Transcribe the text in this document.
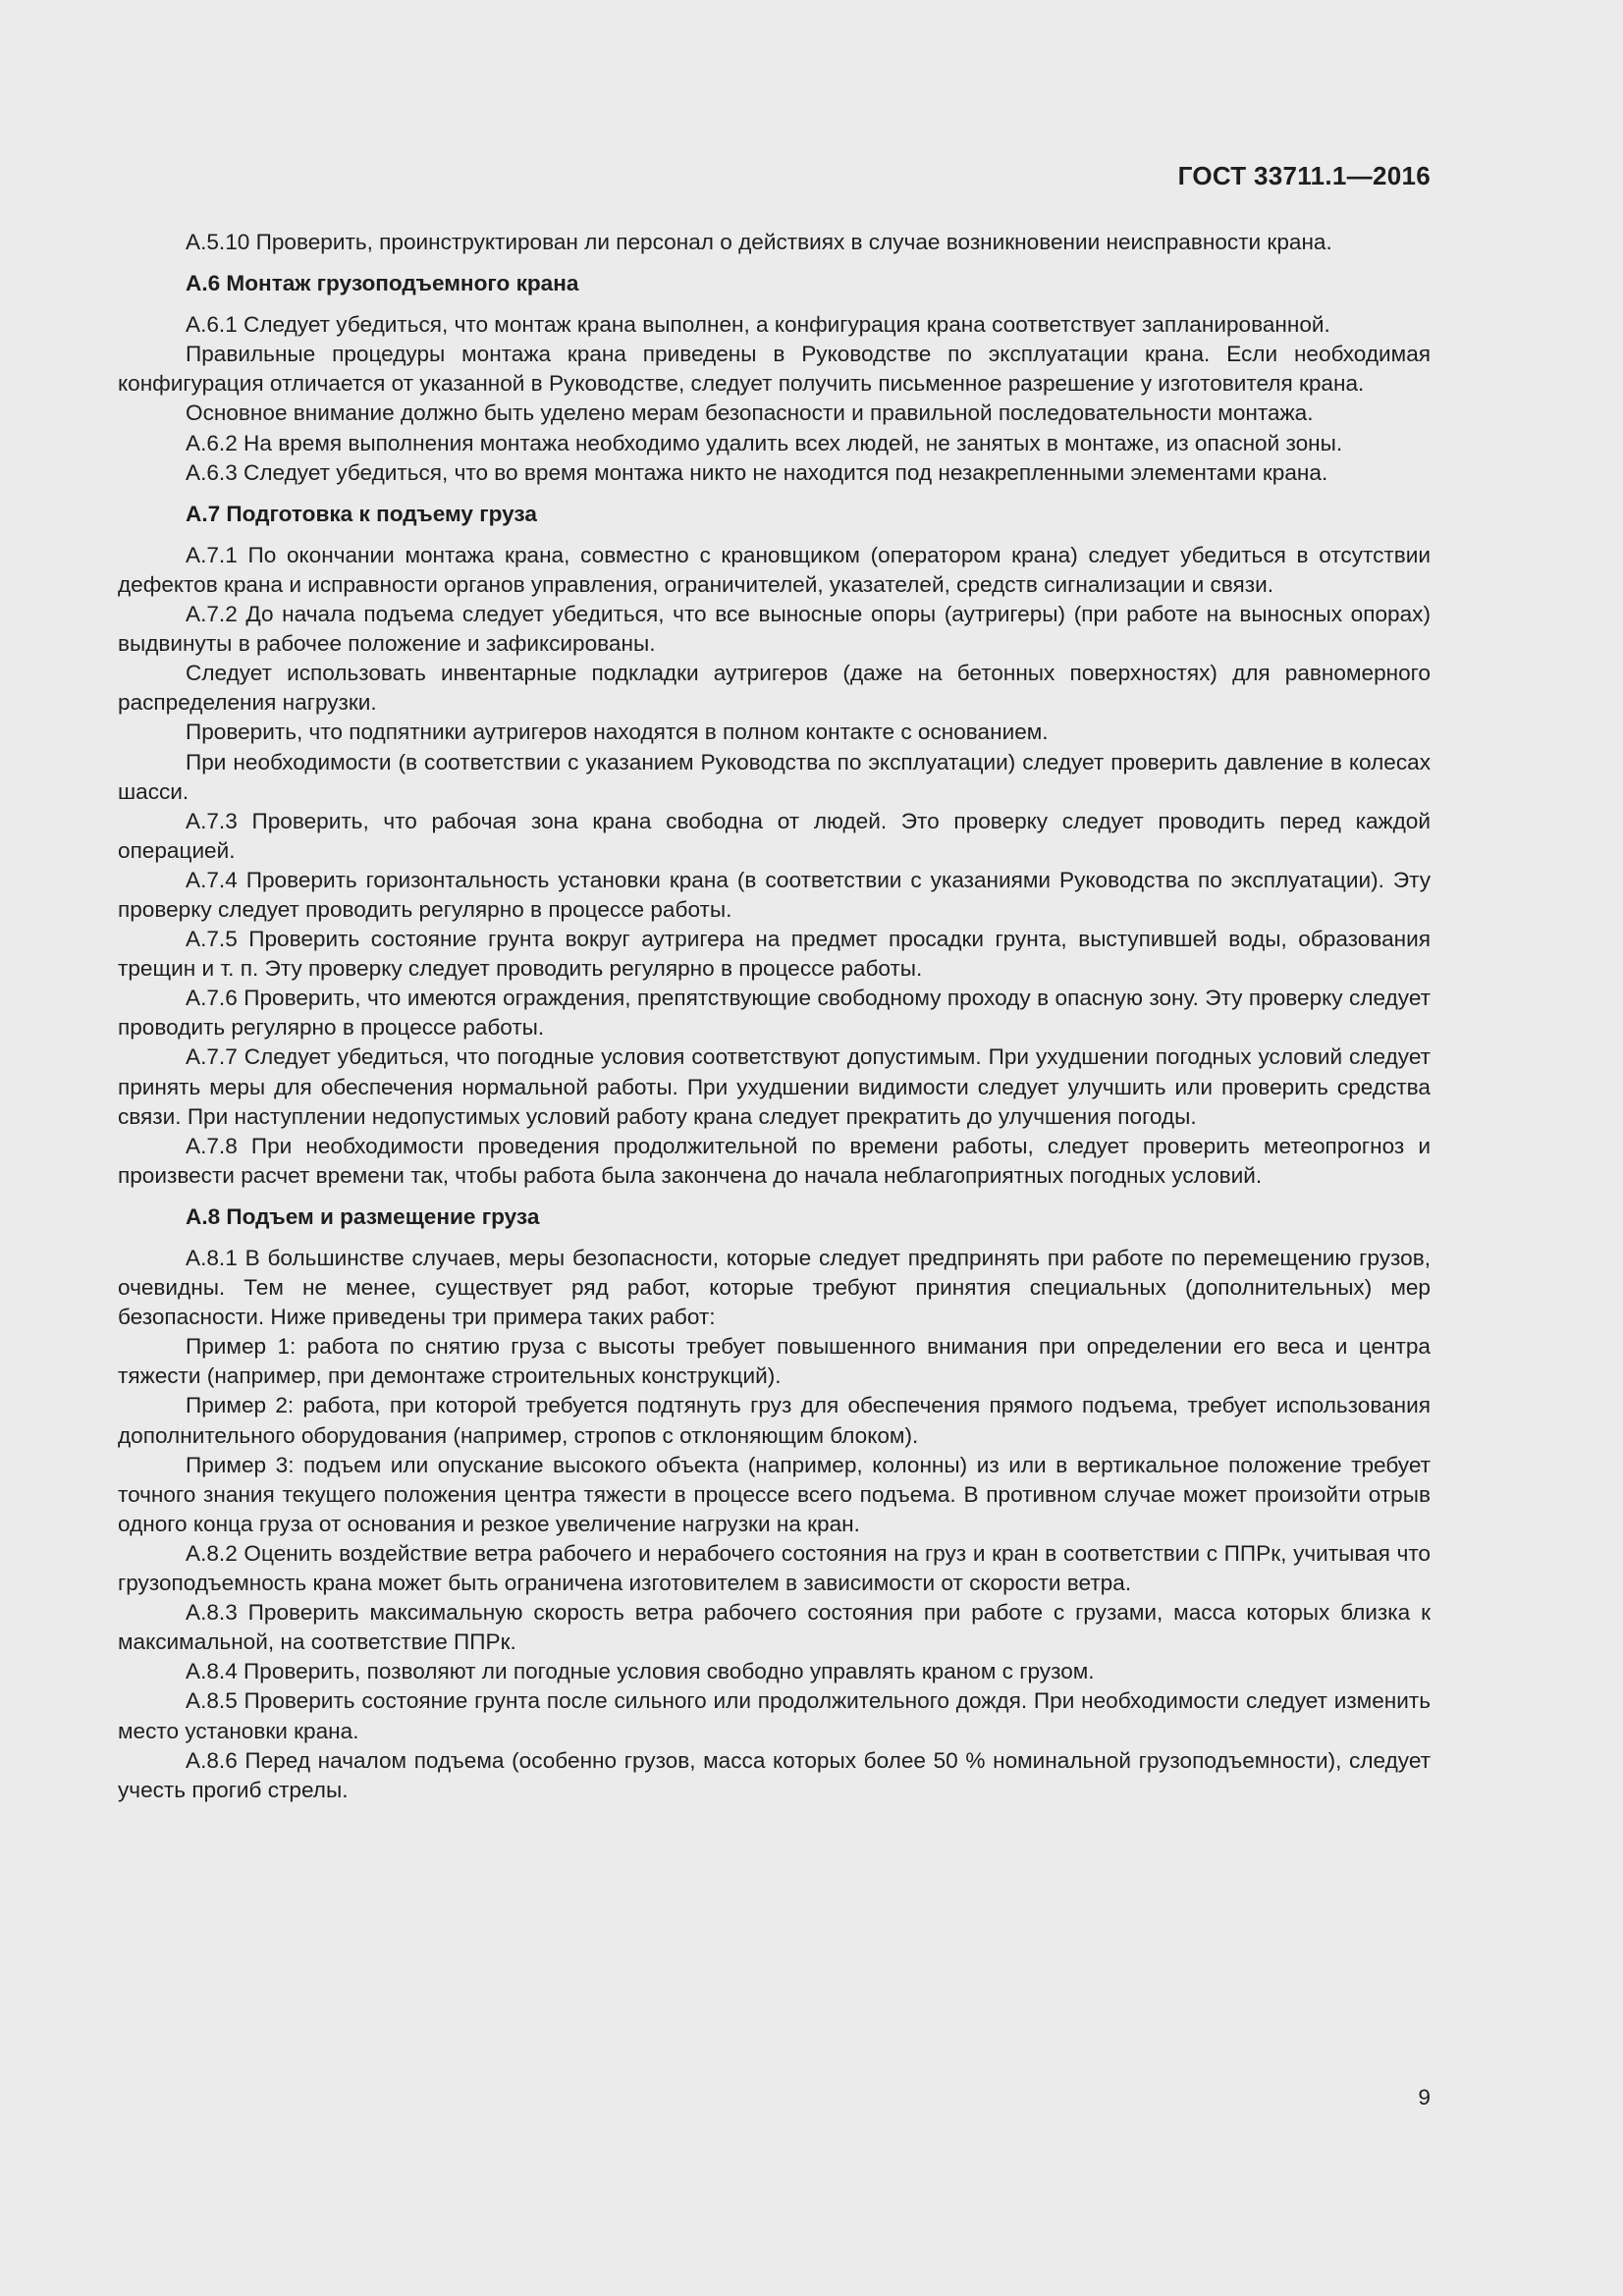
ГОСТ 33711.1—2016

А.5.10 Проверить, проинструктирован ли персонал о действиях в случае возникновении неисправности крана.

А.6 Монтаж грузоподъемного крана

А.6.1 Следует убедиться, что монтаж крана выполнен, а конфигурация крана соответствует запланированной.

Правильные процедуры монтажа крана приведены в Руководстве по эксплуатации крана. Если необходимая конфигурация отличается от указанной в Руководстве, следует получить письменное разрешение у изготовителя крана.

Основное внимание должно быть уделено мерам безопасности и правильной последовательности монтажа.

А.6.2 На время выполнения монтажа необходимо удалить всех людей, не занятых в монтаже, из опасной зоны.

А.6.3 Следует убедиться, что во время монтажа никто не находится под незакрепленными элементами крана.

А.7 Подготовка к подъему груза

А.7.1 По окончании монтажа крана, совместно с крановщиком (оператором крана) следует убедиться в отсутствии дефектов крана и исправности органов управления, ограничителей, указателей, средств сигнализации и связи.

А.7.2 До начала подъема следует убедиться, что все выносные опоры (аутригеры) (при работе на выносных опорах) выдвинуты в рабочее положение и зафиксированы.

Следует использовать инвентарные подкладки аутригеров (даже на бетонных поверхностях) для равномерного распределения нагрузки.

Проверить, что подпятники аутригеров находятся в полном контакте с основанием.

При необходимости (в соответствии с указанием Руководства по эксплуатации) следует проверить давление в колесах шасси.

А.7.3 Проверить, что рабочая зона крана свободна от людей. Это проверку следует проводить перед каждой операцией.

А.7.4 Проверить горизонтальность установки крана (в соответствии с указаниями Руководства по эксплуатации). Эту проверку следует проводить регулярно в процессе работы.

А.7.5 Проверить состояние грунта вокруг аутригера на предмет просадки грунта, выступившей воды, образования трещин и т. п. Эту проверку следует проводить регулярно в процессе работы.

А.7.6 Проверить, что имеются ограждения, препятствующие свободному проходу в опасную зону. Эту проверку следует проводить регулярно в процессе работы.

А.7.7 Следует убедиться, что погодные условия соответствуют допустимым. При ухудшении погодных условий следует принять меры для обеспечения нормальной работы. При ухудшении видимости следует улучшить или проверить средства связи. При наступлении недопустимых условий работу крана следует прекратить до улучшения погоды.

А.7.8 При необходимости проведения продолжительной по времени работы, следует проверить метеопрогноз и произвести расчет времени так, чтобы работа была закончена до начала неблагоприятных погодных условий.

А.8 Подъем и размещение груза

А.8.1 В большинстве случаев, меры безопасности, которые следует предпринять при работе по перемещению грузов, очевидны. Тем не менее, существует ряд работ, которые требуют принятия специальных (дополнительных) мер безопасности. Ниже приведены три примера таких работ:

Пример 1: работа по снятию груза с высоты требует повышенного внимания при определении его веса и центра тяжести (например, при демонтаже строительных конструкций).

Пример 2: работа, при которой требуется подтянуть груз для обеспечения прямого подъема, требует использования дополнительного оборудования (например, стропов с отклоняющим блоком).

Пример 3: подъем или опускание высокого объекта (например, колонны) из или в вертикальное положение требует точного знания текущего положения центра тяжести в процессе всего подъема. В противном случае может произойти отрыв одного конца груза от основания и резкое увеличение нагрузки на кран.

А.8.2 Оценить воздействие ветра рабочего и нерабочего состояния на груз и кран в соответствии с ППРк, учитывая что грузоподъемность крана может быть ограничена изготовителем в зависимости от скорости ветра.

А.8.3 Проверить максимальную скорость ветра рабочего состояния при работе с грузами, масса которых близка к максимальной, на соответствие ППРк.

А.8.4 Проверить, позволяют ли погодные условия свободно управлять краном с грузом.

А.8.5 Проверить состояние грунта после сильного или продолжительного дождя. При необходимости следует изменить место установки крана.

А.8.6 Перед началом подъема (особенно грузов, масса которых более 50 % номинальной грузоподъемности), следует учесть прогиб стрелы.

9
